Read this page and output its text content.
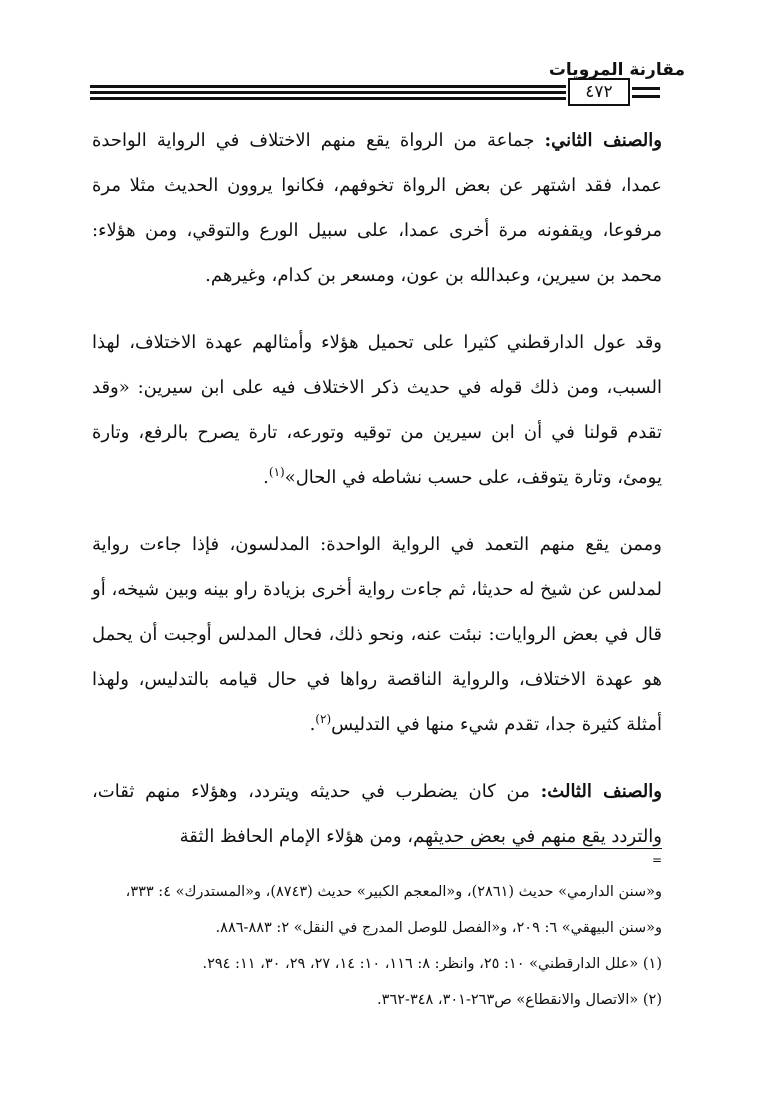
مقارنة المرويات
٤٧٢

والصنف الثاني: جماعة من الرواة يقع منهم الاختلاف في الرواية الواحدة عمدا، فقد اشتهر عن بعض الرواة تخوفهم، فكانوا يروون الحديث مثلا مرة مرفوعا، ويقفونه مرة أخرى عمدا، على سبيل الورع والتوقي، ومن هؤلاء: محمد بن سيرين، وعبدالله بن عون، ومسعر بن كدام، وغيرهم.

وقد عول الدارقطني كثيرا على تحميل هؤلاء وأمثالهم عهدة الاختلاف، لهذا السبب، ومن ذلك قوله في حديث ذكر الاختلاف فيه على ابن سيرين: «وقد تقدم قولنا في أن ابن سيرين من توقيه وتورعه، تارة يصرح بالرفع، وتارة يومئ، وتارة يتوقف، على حسب نشاطه في الحال»$^{(١)}$.

وممن يقع منهم التعمد في الرواية الواحدة: المدلسون، فإذا جاءت رواية لمدلس عن شيخ له حديثا، ثم جاءت رواية أخرى بزيادة راو بينه وبين شيخه، أو قال في بعض الروايات: نبئت عنه، ونحو ذلك، فحال المدلس أوجبت أن يحمل هو عهدة الاختلاف، والرواية الناقصة رواها في حال قيامه بالتدليس، ولهذا أمثلة كثيرة جدا، تقدم شيء منها في التدليس$^{(٢)}$.

والصنف الثالث: من كان يضطرب في حديثه ويتردد، وهؤلاء منهم ثقات، والتردد يقع منهم في بعض حديثهم، ومن هؤلاء الإمام الحافظ الثقة

=

و«سنن الدارمي» حديث (٢٨٦١)، و«المعجم الكبير» حديث (٨٧٤٣)، و«المستدرك» ٤: ٣٣٣، و«سنن البيهقي» ٦: ٢٠٩، و«الفصل للوصل المدرج في النقل» ٢: ٨٨٣-٨٨٦.

(١) «علل الدارقطني» ١٠: ٢٥، وانظر: ٨: ١١٦، ١٠: ١٤، ٢٧، ٢٩، ٣٠، ١١: ٢٩٤.

(٢) «الاتصال والانقطاع» ص٢٦٣-٣٠١، ٣٤٨-٣٦٢.
